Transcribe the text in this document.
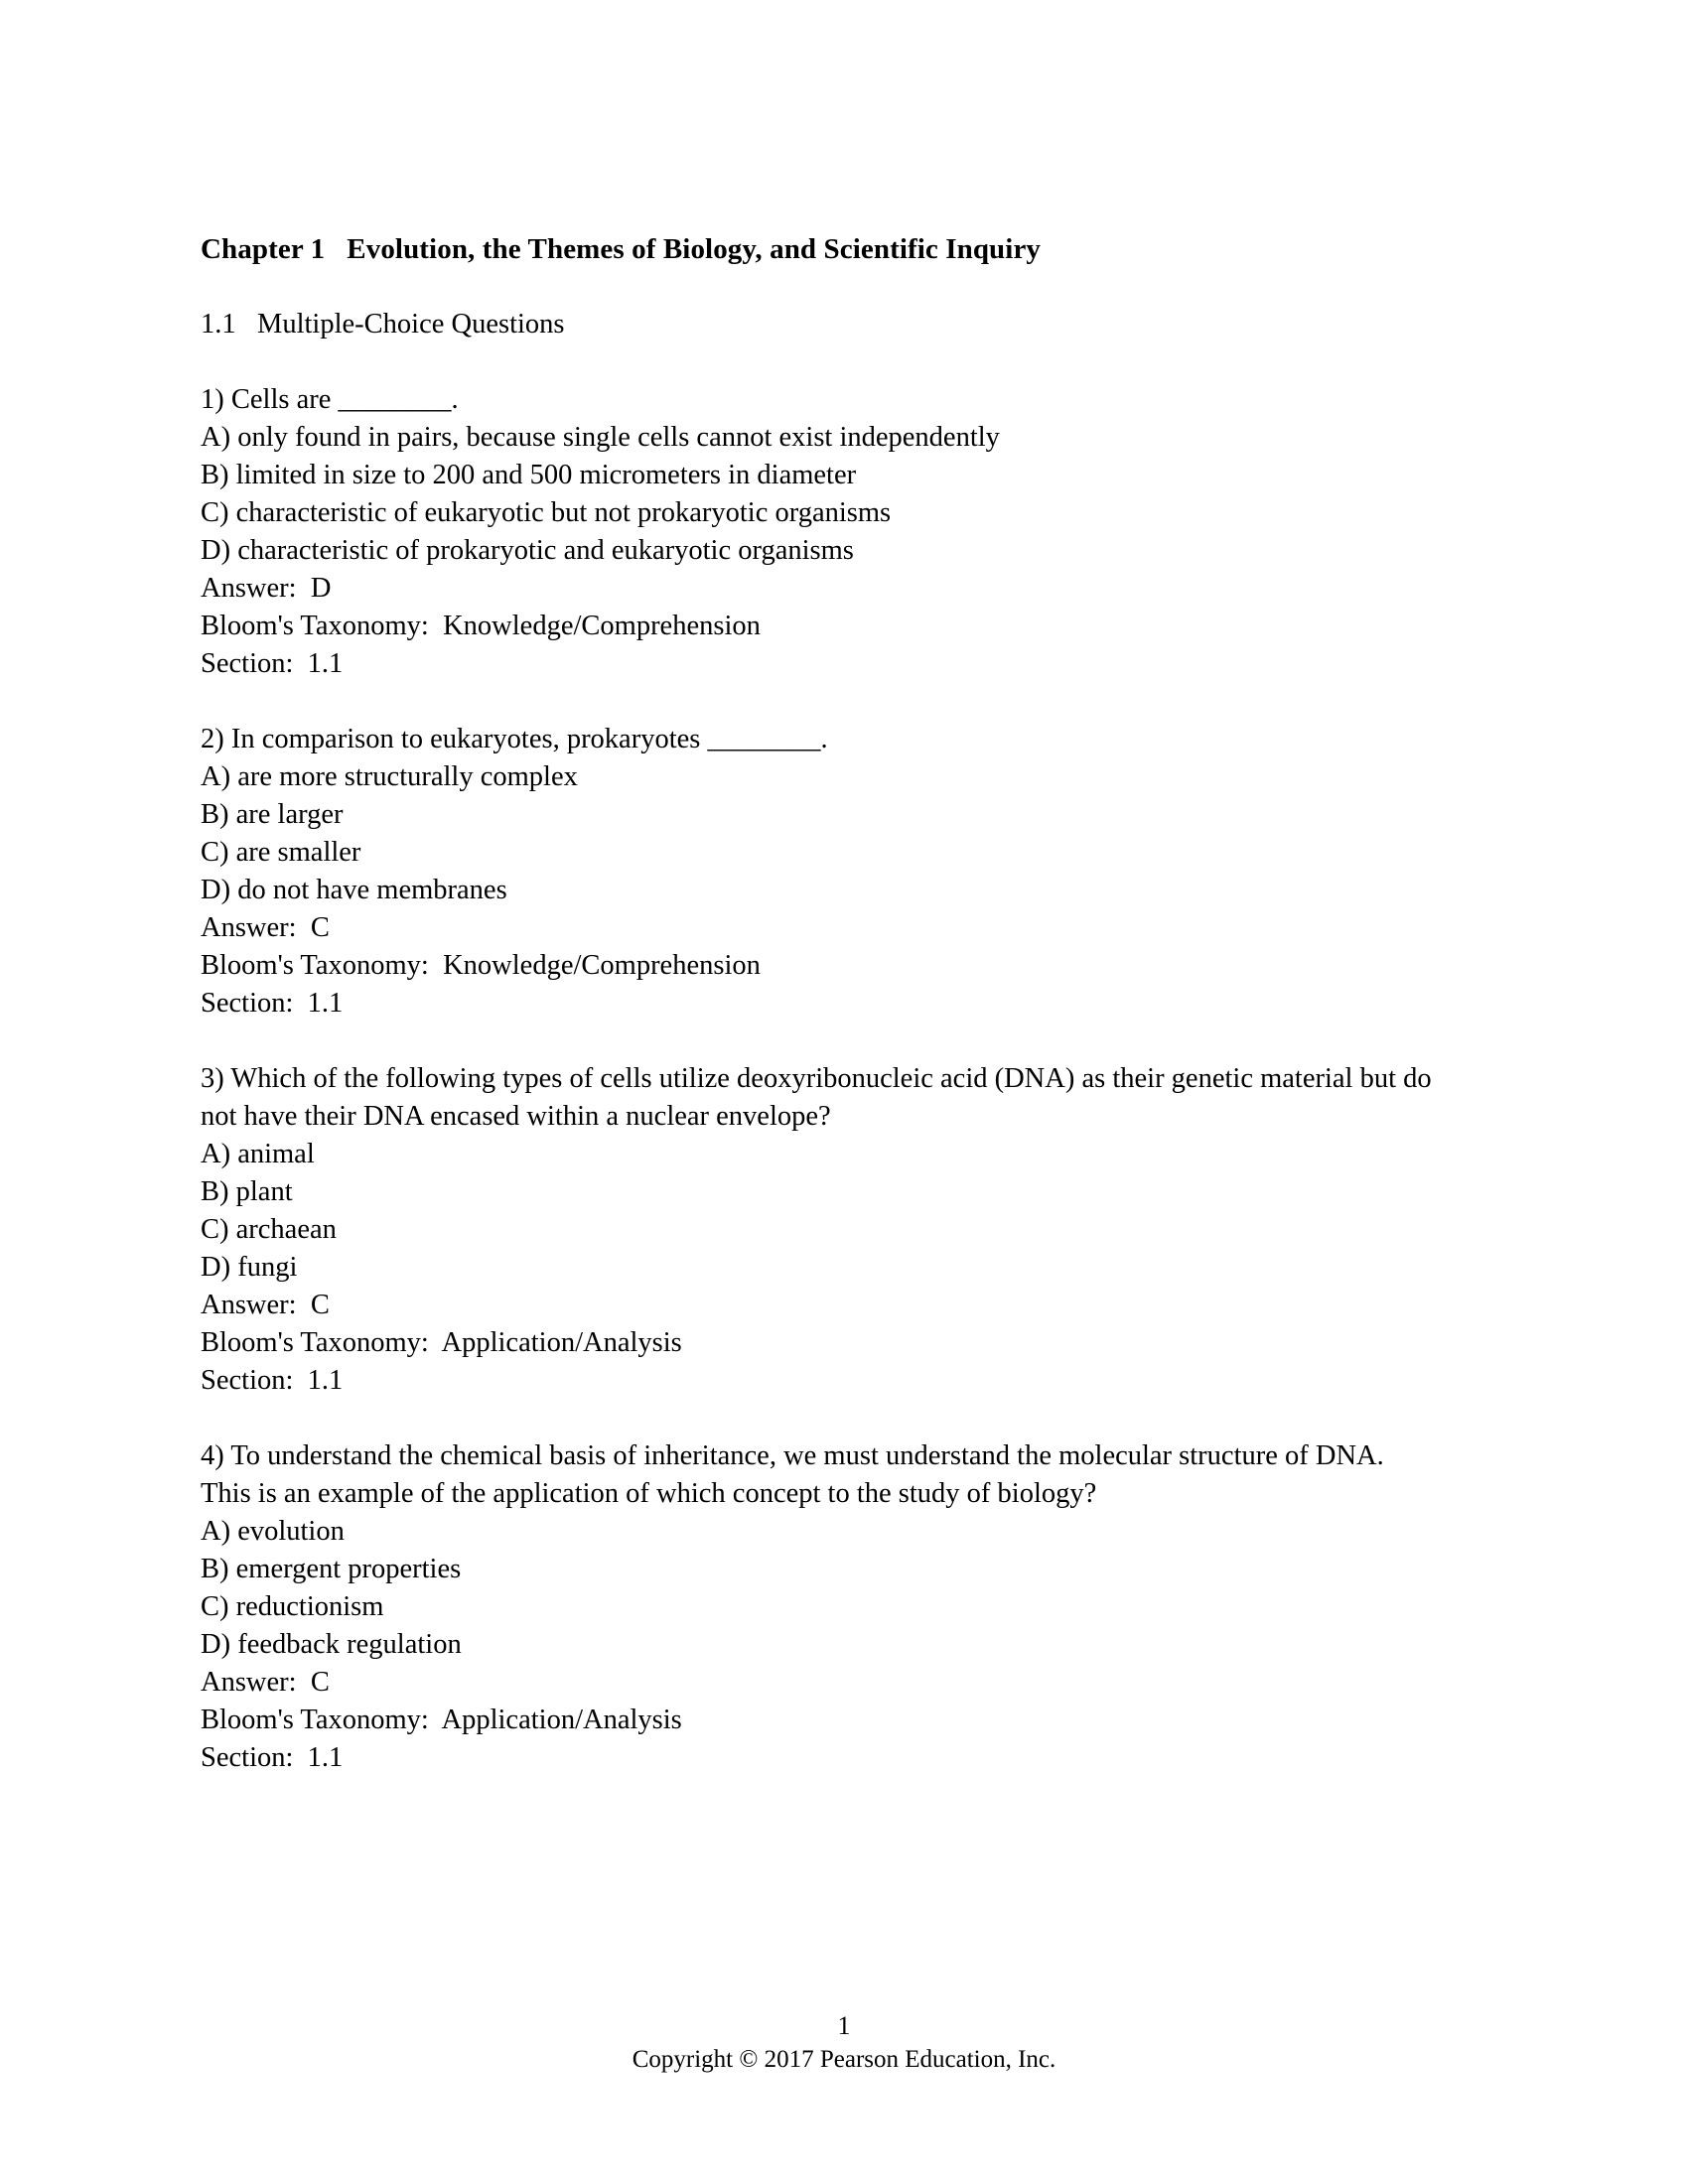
Chapter 1   Evolution, the Themes of Biology, and Scientific Inquiry

1.1   Multiple-Choice Questions

1) Cells are ________.
A) only found in pairs, because single cells cannot exist independently
B) limited in size to 200 and 500 micrometers in diameter
C) characteristic of eukaryotic but not prokaryotic organisms
D) characteristic of prokaryotic and eukaryotic organisms
Answer:  D
Bloom's Taxonomy:  Knowledge/Comprehension
Section:  1.1

2) In comparison to eukaryotes, prokaryotes ________.
A) are more structurally complex
B) are larger
C) are smaller
D) do not have membranes
Answer:  C
Bloom's Taxonomy:  Knowledge/Comprehension
Section:  1.1

3) Which of the following types of cells utilize deoxyribonucleic acid (DNA) as their genetic material but do not have their DNA encased within a nuclear envelope?
A) animal
B) plant
C) archaean
D) fungi
Answer:  C
Bloom's Taxonomy:  Application/Analysis
Section:  1.1

4) To understand the chemical basis of inheritance, we must understand the molecular structure of DNA. This is an example of the application of which concept to the study of biology?
A) evolution
B) emergent properties
C) reductionism
D) feedback regulation
Answer:  C
Bloom's Taxonomy:  Application/Analysis
Section:  1.1
1
Copyright © 2017 Pearson Education, Inc.
